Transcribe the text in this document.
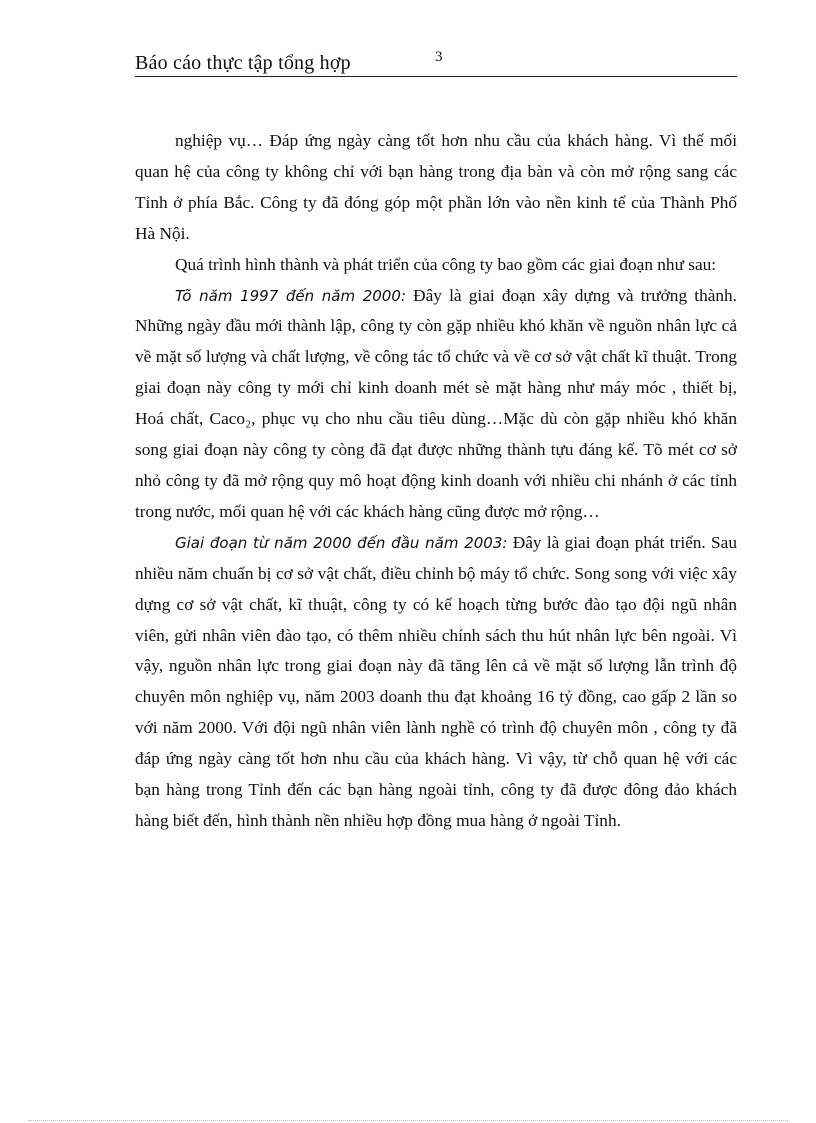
Báo cáo thực tập tổng hợp	3

nghiệp vụ… Đáp ứng ngày càng tốt hơn nhu cầu của khách hàng. Vì thế mối quan hệ của công ty không chỉ với bạn hàng trong địa bàn và còn mở rộng sang các Tỉnh ở phía Bắc. Công ty đã đóng góp một phần lớn vào nền kinh tế của Thành Phố Hà Nội.

Quá trình hình thành và phát triển của công ty bao gồm các giai đoạn như sau:

Tõ năm 1997 đến năm 2000: Đây là giai đoạn xây dựng và trưởng thành. Những ngày đầu mới thành lập, công ty còn gặp nhiều khó khăn về nguồn nhân lực cả về mặt số lượng và chất lượng, về công tác tổ chức và về cơ sở vật chất kĩ thuật. Trong giai đoạn này công ty mới chỉ kinh doanh mét sè mặt hàng như máy móc , thiết bị, Hoá chất, Caco₂, phục vụ cho nhu cầu tiêu dùng…Mặc dù còn gặp nhiều khó khăn song giai đoạn này công ty còng đã đạt được những thành tựu đáng kể. Tõ mét cơ sở nhỏ công ty đã mở rộng quy mô hoạt động kinh doanh với nhiều chi nhánh ở các tỉnh trong nước, mối quan hệ với các khách hàng cũng được mở rộng…

Giai đoạn từ năm 2000 đến đầu năm 2003: Đây là giai đoạn phát triển. Sau nhiều năm chuẩn bị cơ sở vật chất, điều chỉnh bộ máy tổ chức. Song song với việc xây dựng cơ sở vật chất, kĩ thuật, công ty có kế hoạch từng bước đào tạo đội ngũ nhân viên, gửi nhân viên đào tạo, có thêm nhiều chính sách thu hút nhân lực bên ngoài. Vì vậy, nguồn nhân lực trong giai đoạn này đã tăng lên cả về mặt số lượng lẫn trình độ chuyên môn nghiệp vụ, năm 2003 doanh thu đạt khoảng 16 tỷ đồng, cao gấp 2 lần so với năm 2000. Với đội ngũ nhân viên lành nghề có trình độ chuyên môn , công ty đã đáp ứng ngày càng tốt hơn nhu cầu của khách hàng. Vì vậy, từ chỗ quan hệ với các bạn hàng trong Tỉnh đến các bạn hàng ngoài tỉnh, công ty đã được đông đảo khách hàng biết đến, hình thành nền nhiều hợp đồng mua hàng ở ngoài Tỉnh.
